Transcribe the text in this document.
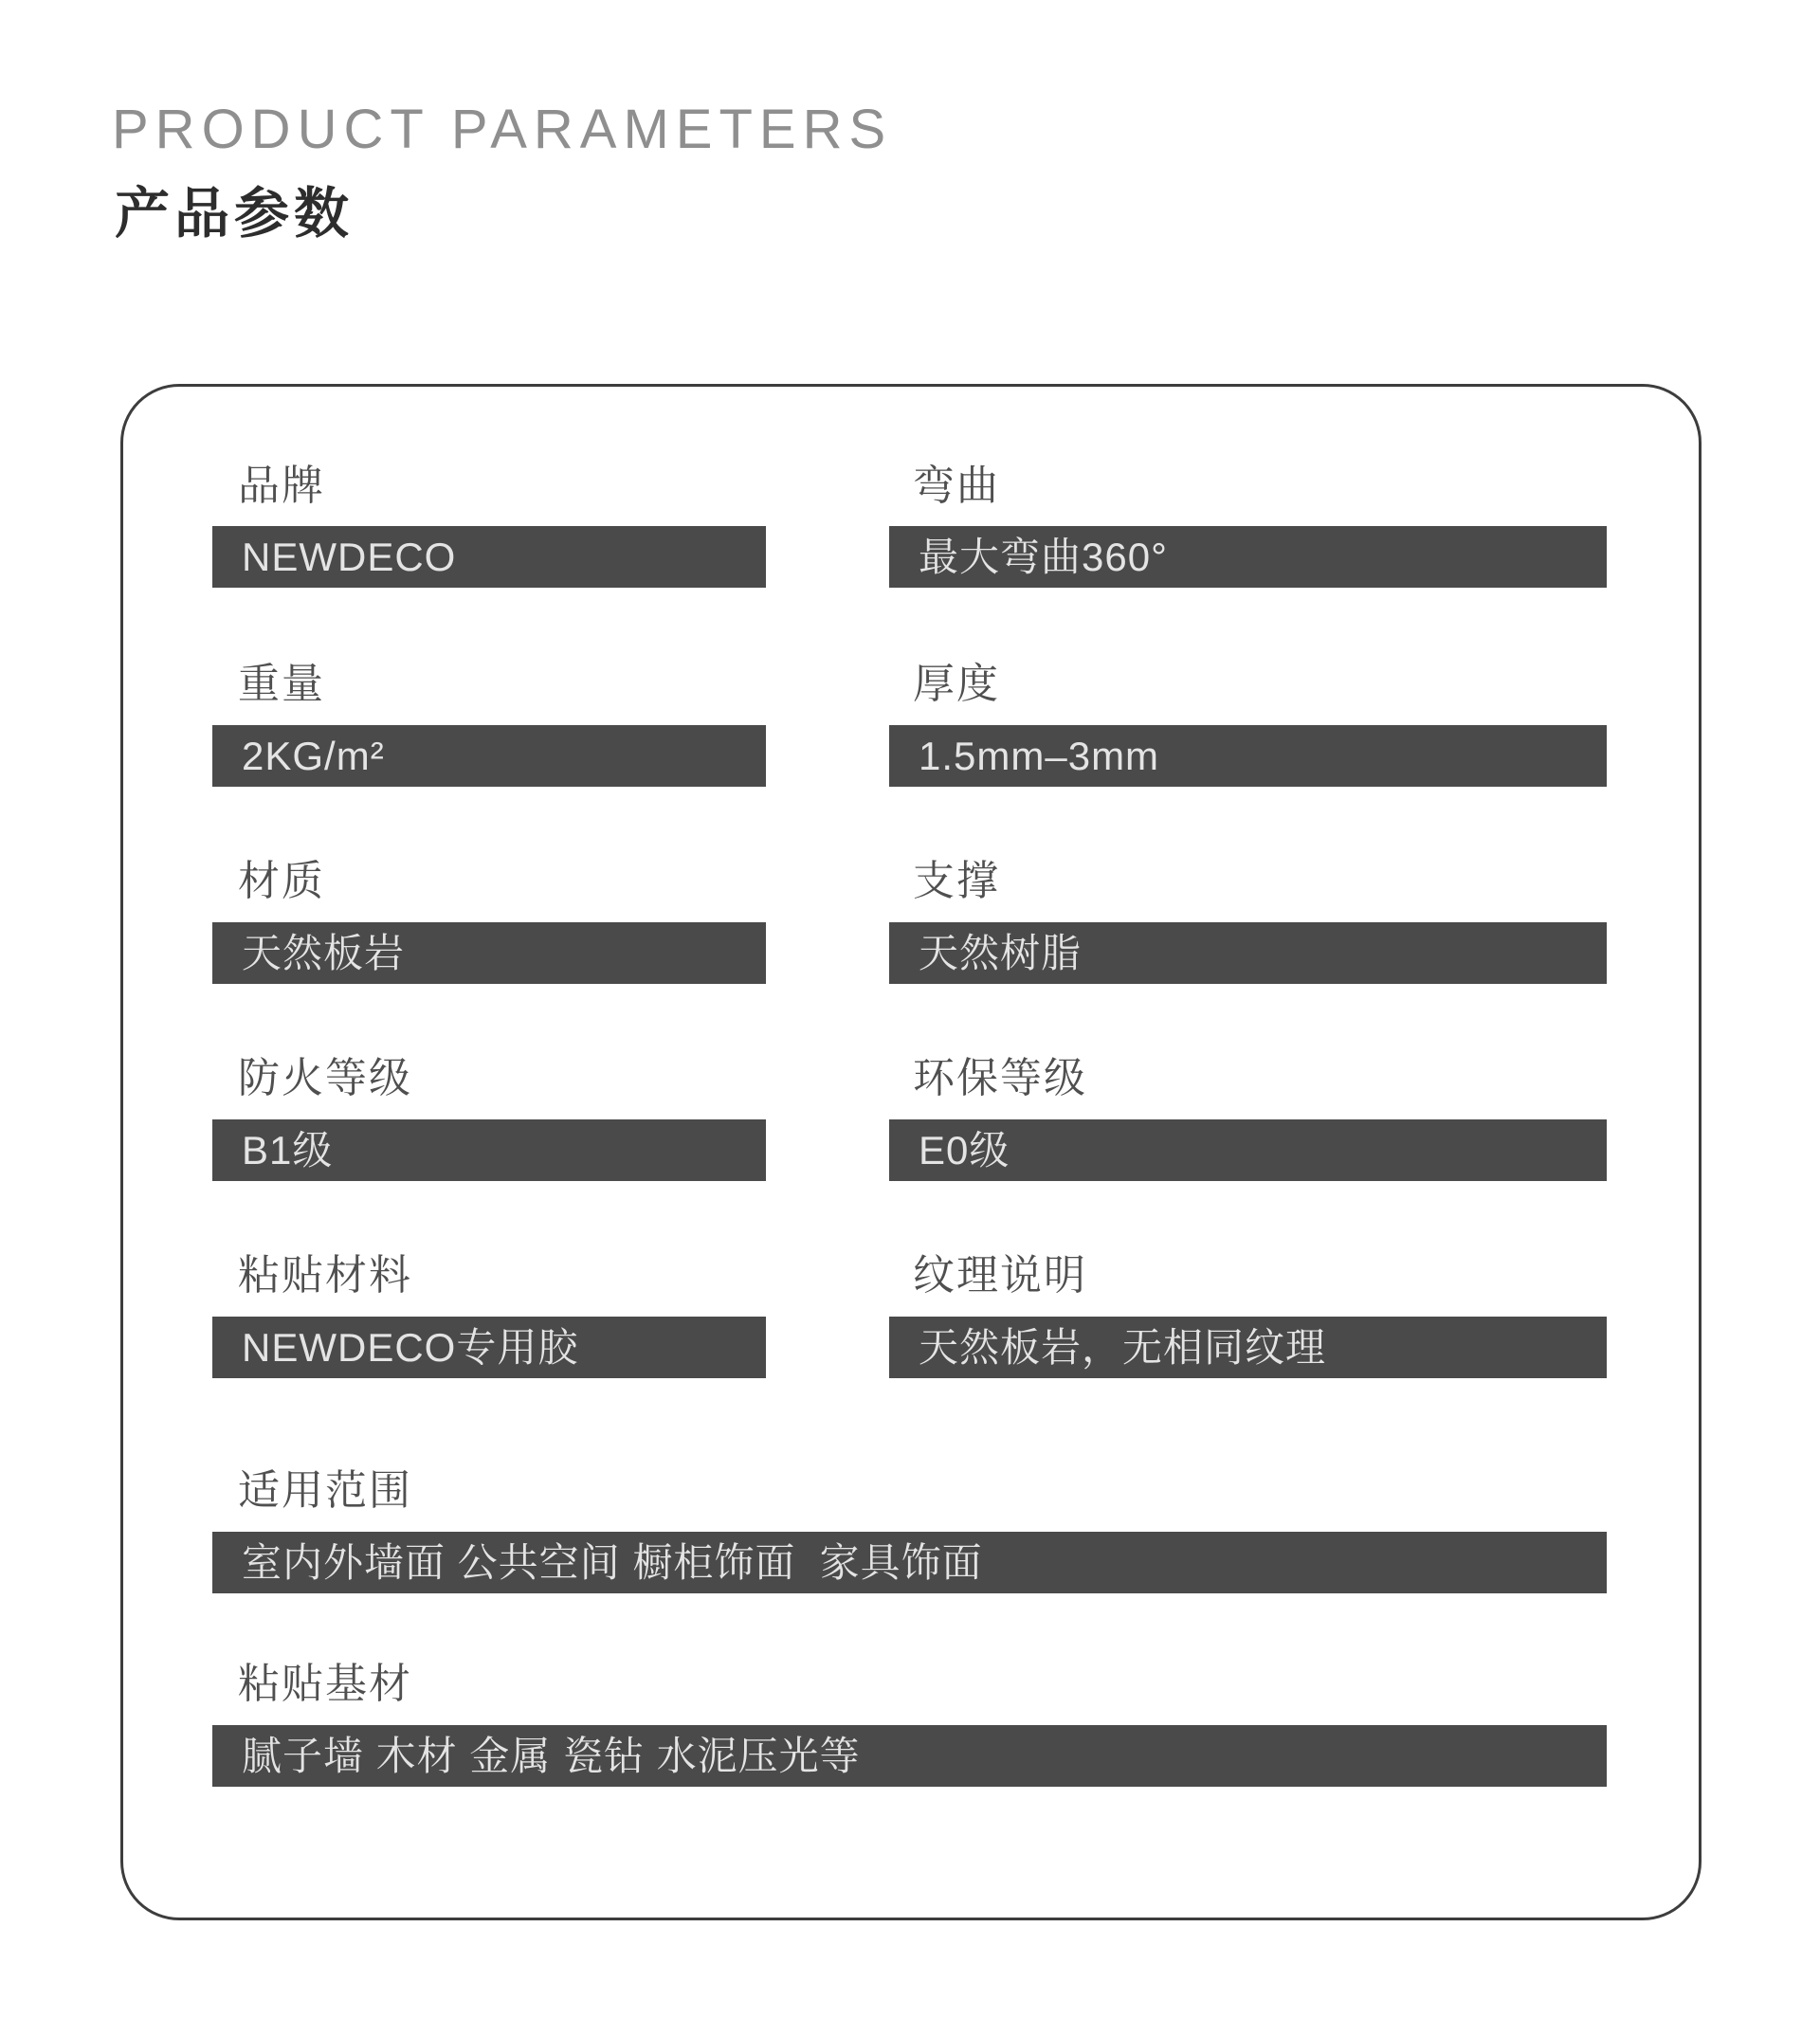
PRODUCT PARAMETERS
产品参数
品牌
NEWDECO
弯曲
最大弯曲360°
重量
2KG/m²
厚度
1.5mm–3mm
材质
天然板岩
支撑
天然树脂
防火等级
B1级
环保等级
E0级
粘贴材料
NEWDECO专用胶
纹理说明
天然板岩，无相同纹理
适用范围
室内外墙面 公共空间 橱柜饰面  家具饰面
粘贴基材
腻子墙 木材 金属 瓷钻 水泥压光等
